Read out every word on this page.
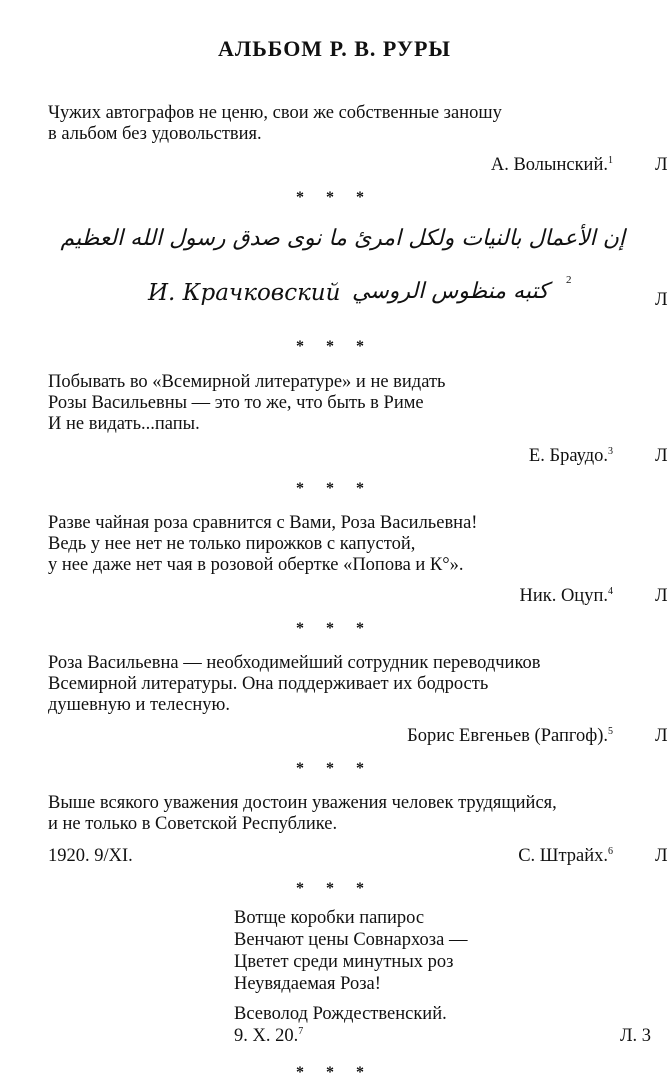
АЛЬБОМ Р. В. РУРЫ
Чужих автографов не ценю, свои же собственные заношу
в альбом без удовольствия.
А. Волынский.$^1$ Л
* * *
إن الأعمال بالنيات ولكل امرئ ما نوى صدق رسول الله العظيم
И. Крачковский كتبه منظوس الروسي 2
Л
* * *
Побывать во «Всемирной литературе» и не видать
Розы Васильевны — это то же, что быть в Риме
И не видать...папы.
Е. Браудо.$^3$ Л
* * *
Разве чайная роза сравнится с Вами, Роза Васильевна!
Ведь у нее нет не только пирожков с капустой,
у нее даже нет чая в розовой обертке «Попова и К°».
Ник. Оцуп.$^4$ Л
* * *
Роза Васильевна — необходимейший сотрудник переводчиков
Всемирной литературы. Она поддерживает их бодрость
душевную и телесную.
Борис Евгеньев (Рапгоф).$^5$ Л
* * *
Выше всякого уважения достоин уважения человек трудящийся,
и не только в Советской Республике.
1920. 9/XI.	С. Штрайх.$^6$ Л
* * *
Вотще коробки папирос
Венчают цены Совнархоза —
Цветет среди минутных роз
Неувядаемая Роза!
Всеволод Рождественский.
9. X. 20.$^7$	Л. 3
* * *
